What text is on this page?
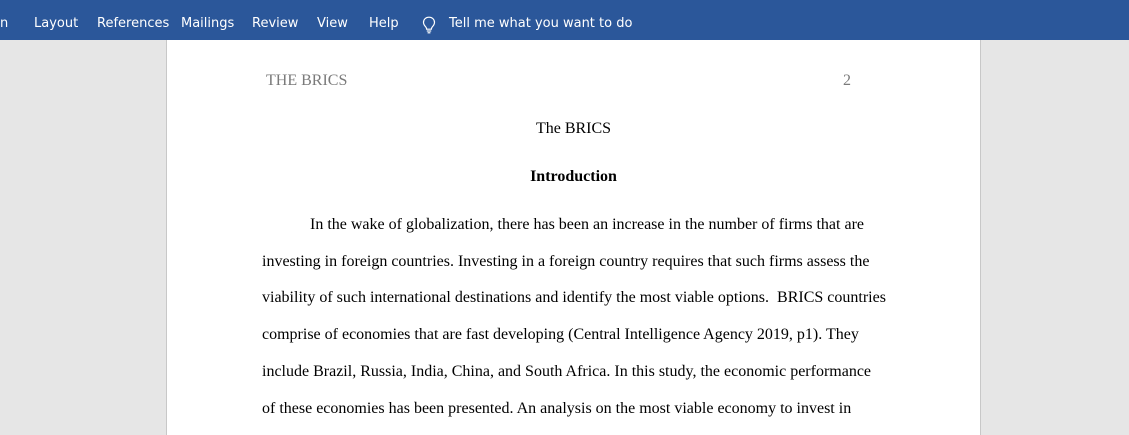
n Layout References Mailings Review View Help	Tell me what you want to do
THE BRICS	2
The BRICS
Introduction
In the wake of globalization, there has been an increase in the number of firms that are
investing in foreign countries. Investing in a foreign country requires that such firms assess the
viability of such international destinations and identify the most viable options.  BRICS countries
comprise of economies that are fast developing (Central Intelligence Agency 2019, p1). They
include Brazil, Russia, India, China, and South Africa. In this study, the economic performance
of these economies has been presented. An analysis on the most viable economy to invest in
